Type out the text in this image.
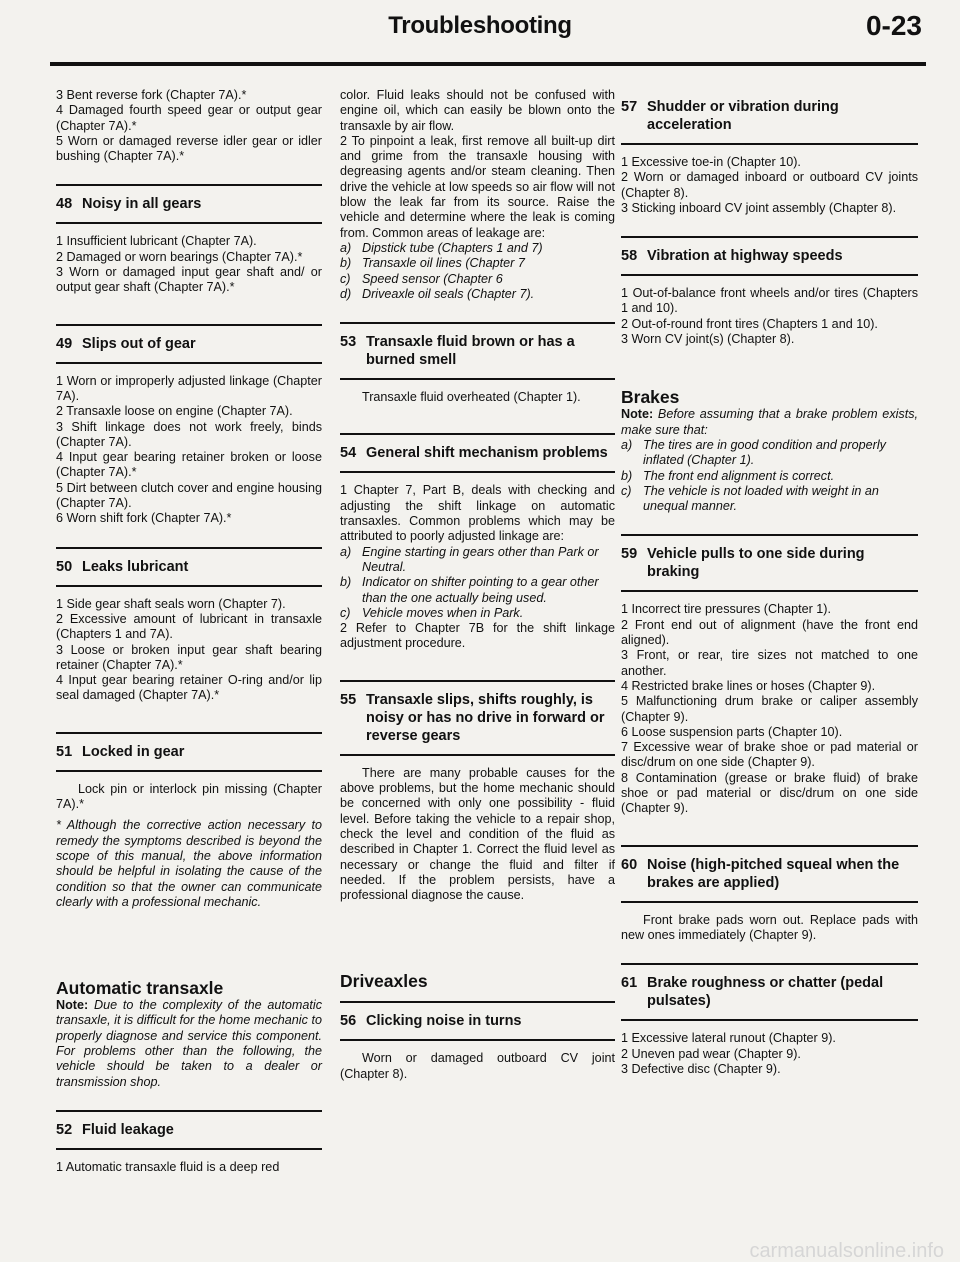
Troubleshooting	0-23

3 Bent reverse fork (Chapter 7A).*

4 Damaged fourth speed gear or output gear (Chapter 7A).*

5 Worn or damaged reverse idler gear or idler bushing (Chapter 7A).*

48 Noisy in all gears

1 Insufficient lubricant (Chapter 7A).

2 Damaged or worn bearings (Chapter 7A).*

3 Worn or damaged input gear shaft and/ or output gear shaft (Chapter 7A).*

49 Slips out of gear

1 Worn or improperly adjusted linkage (Chapter 7A).

2 Transaxle loose on engine (Chapter 7A).

3 Shift linkage does not work freely, binds (Chapter 7A).

4 Input gear bearing retainer broken or loose (Chapter 7A).*

5 Dirt between clutch cover and engine housing (Chapter 7A).

6 Worn shift fork (Chapter 7A).*

50 Leaks lubricant

1 Side gear shaft seals worn (Chapter 7).

2 Excessive amount of lubricant in transaxle (Chapters 1 and 7A).

3 Loose or broken input gear shaft bearing retainer (Chapter 7A).*

4 Input gear bearing retainer O-ring and/or lip seal damaged (Chapter 7A).*

51 Locked in gear

Lock pin or interlock pin missing (Chapter 7A).*

* Although the corrective action necessary to remedy the symptoms described is beyond the scope of this manual, the above information should be helpful in isolating the cause of the condition so that the owner can communicate clearly with a professional mechanic.

Automatic transaxle

Note: Due to the complexity of the automatic transaxle, it is difficult for the home mechanic to properly diagnose and service this component. For problems other than the following, the vehicle should be taken to a dealer or transmission shop.

52 Fluid leakage

1 Automatic transaxle fluid is a deep red

color. Fluid leaks should not be confused with engine oil, which can easily be blown onto the transaxle by air flow.

2 To pinpoint a leak, first remove all built-up dirt and grime from the transaxle housing with degreasing agents and/or steam cleaning. Then drive the vehicle at low speeds so air flow will not blow the leak far from its source. Raise the vehicle and determine where the leak is coming from. Common areas of leakage are:

a) Dipstick tube (Chapters 1 and 7)
b) Transaxle oil lines (Chapter 7
c) Speed sensor (Chapter 6
d) Driveaxle oil seals (Chapter 7).
53 Transaxle fluid brown or has a burned smell

Transaxle fluid overheated (Chapter 1).

54 General shift mechanism problems

1 Chapter 7, Part B, deals with checking and adjusting the shift linkage on automatic transaxles. Common problems which may be attributed to poorly adjusted linkage are:

a) Engine starting in gears other than Park or Neutral.
b) Indicator on shifter pointing to a gear other than the one actually being used.
c) Vehicle moves when in Park.

2 Refer to Chapter 7B for the shift linkage adjustment procedure.

55 Transaxle slips, shifts roughly, is noisy or has no drive in forward or reverse gears

There are many probable causes for the above problems, but the home mechanic should be concerned with only one possibility - fluid level. Before taking the vehicle to a repair shop, check the level and condition of the fluid as described in Chapter 1. Correct the fluid level as necessary or change the fluid and filter if needed. If the problem persists, have a professional diagnose the cause.

Driveaxles
56 Clicking noise in turns

Worn or damaged outboard CV joint (Chapter 8).

57 Shudder or vibration during acceleration

1 Excessive toe-in (Chapter 10).

2 Worn or damaged inboard or outboard CV joints (Chapter 8).

3 Sticking inboard CV joint assembly (Chapter 8).

58 Vibration at highway speeds

1 Out-of-balance front wheels and/or tires (Chapters 1 and 10).

2 Out-of-round front tires (Chapters 1 and 10).

3 Worn CV joint(s) (Chapter 8).

Brakes

Note: Before assuming that a brake problem exists, make sure that:

a) The tires are in good condition and properly inflated (Chapter 1).
b) The front end alignment is correct.
c) The vehicle is not loaded with weight in an unequal manner.
59 Vehicle pulls to one side during braking

1 Incorrect tire pressures (Chapter 1).

2 Front end out of alignment (have the front end aligned).

3 Front, or rear, tire sizes not matched to one another.

4 Restricted brake lines or hoses (Chapter 9).

5 Malfunctioning drum brake or caliper assembly (Chapter 9).

6 Loose suspension parts (Chapter 10).

7 Excessive wear of brake shoe or pad material or disc/drum on one side (Chapter 9).

8 Contamination (grease or brake fluid) of brake shoe or pad material or disc/drum on one side (Chapter 9).

60 Noise (high-pitched squeal when the brakes are applied)

Front brake pads worn out. Replace pads with new ones immediately (Chapter 9).

61 Brake roughness or chatter (pedal pulsates)

1 Excessive lateral runout (Chapter 9).

2 Uneven pad wear (Chapter 9).

3 Defective disc (Chapter 9).

carmanualsonline.info
